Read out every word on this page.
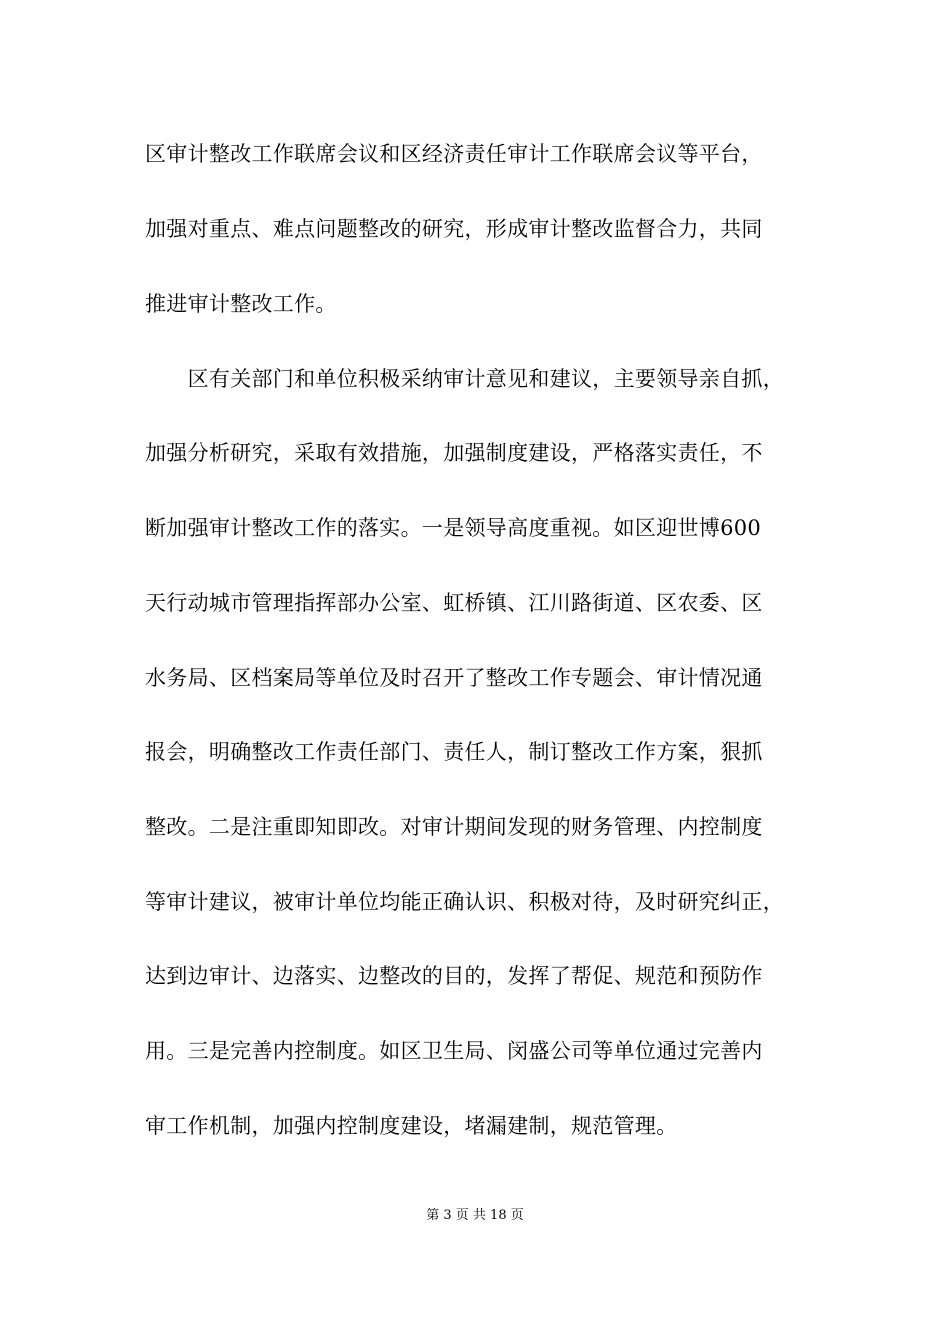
区审计整改工作联席会议和区经济责任审计工作联席会议等平台，
加强对重点、难点问题整改的研究，形成审计整改监督合力，共同
推进审计整改工作。
　　区有关部门和单位积极采纳审计意见和建议，主要领导亲自抓，
加强分析研究，采取有效措施，加强制度建设，严格落实责任，不
断加强审计整改工作的落实。一是领导高度重视。如区迎世博600
天行动城市管理指挥部办公室、虹桥镇、江川路街道、区农委、区
水务局、区档案局等单位及时召开了整改工作专题会、审计情况通
报会，明确整改工作责任部门、责任人，制订整改工作方案，狠抓
整改。二是注重即知即改。对审计期间发现的财务管理、内控制度
等审计建议，被审计单位均能正确认识、积极对待，及时研究纠正，
达到边审计、边落实、边整改的目的，发挥了帮促、规范和预防作
用。三是完善内控制度。如区卫生局、闵盛公司等单位通过完善内
审工作机制，加强内控制度建设，堵漏建制，规范管理。
第 3 页 共 18 页
